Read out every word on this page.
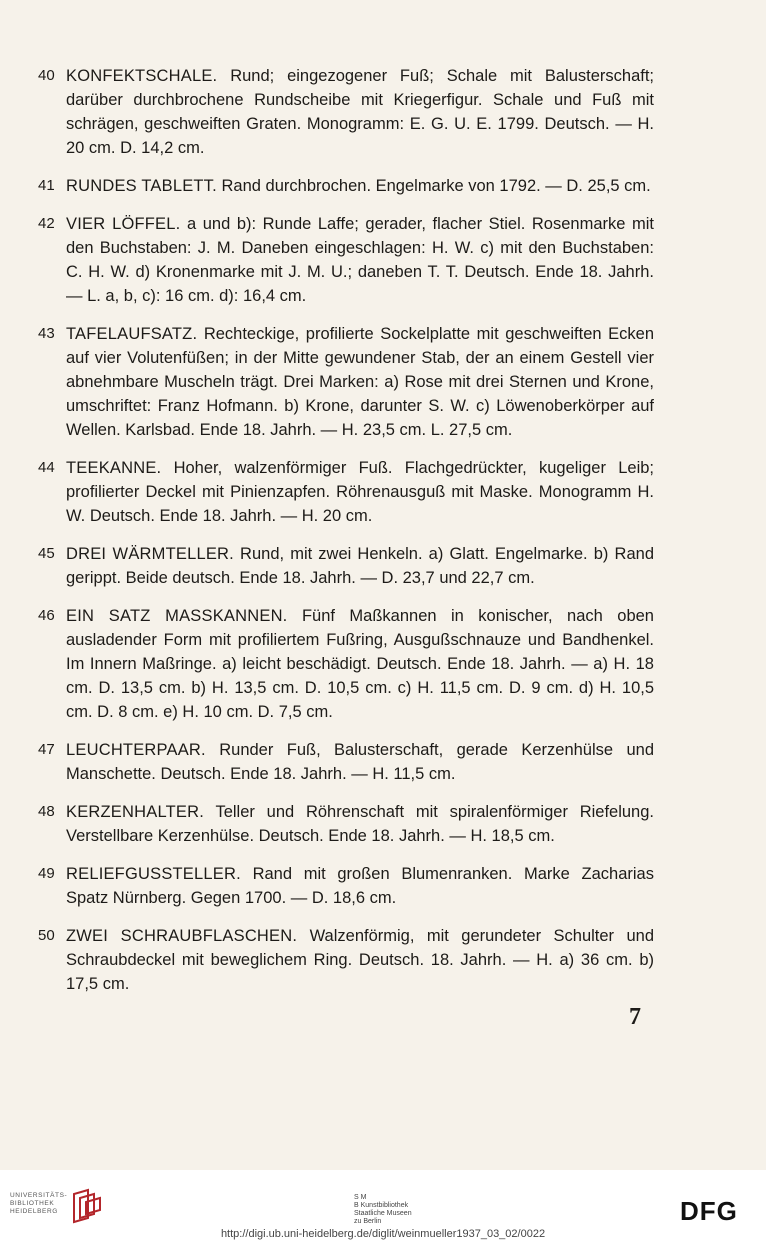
40 KONFEKTSCHALE. Rund; eingezogener Fuß; Schale mit Balusterschaft; darüber durchbrochene Rundscheibe mit Kriegerfigur. Schale und Fuß mit schrägen, geschweiften Graten. Monogramm: E. G. U. E. 1799. Deutsch. — H. 20 cm. D. 14,2 cm.
41 RUNDES TABLETT. Rand durchbrochen. Engelmarke von 1792. — D. 25,5 cm.
42 VIER LÖFFEL. a und b): Runde Laffe; gerader, flacher Stiel. Rosenmarke mit den Buchstaben: J. M. Daneben eingeschlagen: H. W. c) mit den Buchstaben: C. H. W. d) Kronenmarke mit J. M. U.; daneben T. T. Deutsch. Ende 18. Jahrh. — L. a, b, c): 16 cm. d): 16,4 cm.
43 TAFELAUFSATZ. Rechteckige, profilierte Sockelplatte mit geschweiften Ecken auf vier Volutenfüßen; in der Mitte gewundener Stab, der an einem Gestell vier abnehmbare Muscheln trägt. Drei Marken: a) Rose mit drei Sternen und Krone, umschriftet: Franz Hofmann. b) Krone, darunter S. W. c) Löwenoberkörper auf Wellen. Karlsbad. Ende 18. Jahrh. — H. 23,5 cm. L. 27,5 cm.
44 TEEKANNE. Hoher, walzenförmiger Fuß. Flachgedrückter, kugeliger Leib; profilierter Deckel mit Pinienzapfen. Röhrenausguß mit Maske. Monogramm H. W. Deutsch. Ende 18. Jahrh. — H. 20 cm.
45 DREI WÄRMTELLER. Rund, mit zwei Henkeln. a) Glatt. Engelmarke. b) Rand gerippt. Beide deutsch. Ende 18. Jahrh. — D. 23,7 und 22,7 cm.
46 EIN SATZ MASSKANNEN. Fünf Maßkannen in konischer, nach oben ausladender Form mit profiliertem Fußring, Ausgußschnauze und Bandhenkel. Im Innern Maßringe. a) leicht beschädigt. Deutsch. Ende 18. Jahrh. — a) H. 18 cm. D. 13,5 cm. b) H. 13,5 cm. D. 10,5 cm. c) H. 11,5 cm. D. 9 cm. d) H. 10,5 cm. D. 8 cm. e) H. 10 cm. D. 7,5 cm.
47 LEUCHTERPAAR. Runder Fuß, Balusterschaft, gerade Kerzenhülse und Manschette. Deutsch. Ende 18. Jahrh. — H. 11,5 cm.
48 KERZENHALTER. Teller und Röhrenschaft mit spiralenförmiger Riefelung. Verstellbare Kerzenhülse. Deutsch. Ende 18. Jahrh. — H. 18,5 cm.
49 RELIEFGUSSTELLER. Rand mit großen Blumenranken. Marke Zacharias Spatz Nürnberg. Gegen 1700. — D. 18,6 cm.
50 ZWEI SCHRAUBFLASCHEN. Walzenförmig, mit gerundeter Schulter und Schraubdeckel mit beweglichem Ring. Deutsch. 18. Jahrh. — H. a) 36 cm. b) 17,5 cm.
7
UNIVERSITÄTS-
BIBLIOTHEK
HEIDELBERG
S M
B Kunstbibliothek
Staatliche Museen
zu Berlin	DFG
http://digi.ub.uni-heidelberg.de/diglit/weinmueller1937_03_02/0022
